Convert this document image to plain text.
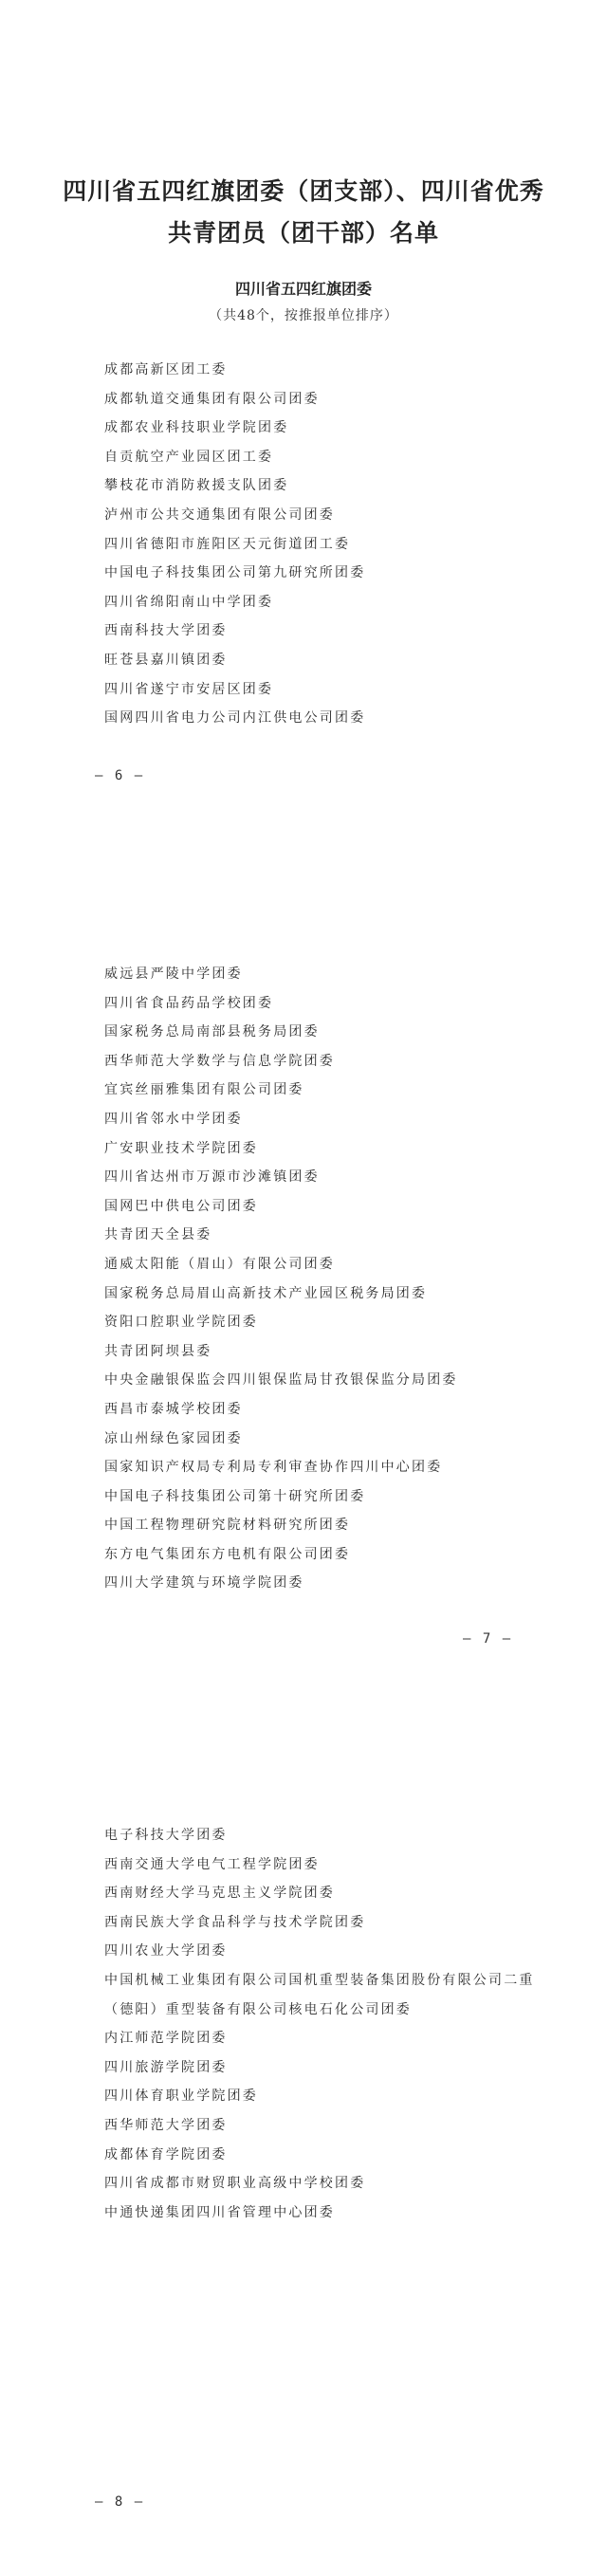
四川省五四红旗团委（团支部）、四川省优秀
共青团员（团干部）名单
四川省五四红旗团委
（共48个，按推报单位排序）
成都高新区团工委
成都轨道交通集团有限公司团委
成都农业科技职业学院团委
自贡航空产业园区团工委
攀枝花市消防救援支队团委
泸州市公共交通集团有限公司团委
四川省德阳市旌阳区天元街道团工委
中国电子科技集团公司第九研究所团委
四川省绵阳南山中学团委
西南科技大学团委
旺苍县嘉川镇团委
四川省遂宁市安居区团委
国网四川省电力公司内江供电公司团委
— 6 —
威远县严陵中学团委
四川省食品药品学校团委
国家税务总局南部县税务局团委
西华师范大学数学与信息学院团委
宜宾丝丽雅集团有限公司团委
四川省邻水中学团委
广安职业技术学院团委
四川省达州市万源市沙滩镇团委
国网巴中供电公司团委
共青团天全县委
通威太阳能（眉山）有限公司团委
国家税务总局眉山高新技术产业园区税务局团委
资阳口腔职业学院团委
共青团阿坝县委
中央金融银保监会四川银保监局甘孜银保监分局团委
西昌市泰城学校团委
凉山州绿色家园团委
国家知识产权局专利局专利审查协作四川中心团委
中国电子科技集团公司第十研究所团委
中国工程物理研究院材料研究所团委
东方电气集团东方电机有限公司团委
四川大学建筑与环境学院团委
— 7 —
电子科技大学团委
西南交通大学电气工程学院团委
西南财经大学马克思主义学院团委
西南民族大学食品科学与技术学院团委
四川农业大学团委
中国机械工业集团有限公司国机重型装备集团股份有限公司二重（德阳）重型装备有限公司核电石化公司团委
内江师范学院团委
四川旅游学院团委
四川体育职业学院团委
西华师范大学团委
成都体育学院团委
四川省成都市财贸职业高级中学校团委
中通快递集团四川省管理中心团委
— 8 —
